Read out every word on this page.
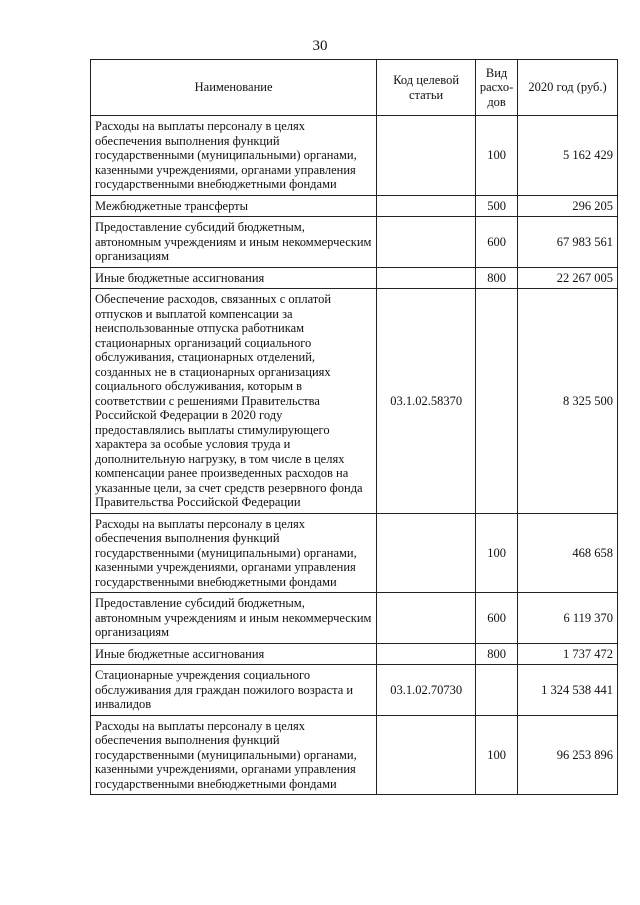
30
Наименование	Код целевой статьи	Вид расхо-дов	2020 год (руб.)
Расходы на выплаты персоналу в целях обеспечения выполнения функций государственными (муниципальными) органами, казенными учреждениями, органами управления государственными внебюджетными фондами		100	5 162 429
Межбюджетные трансферты		500	296 205
Предоставление субсидий бюджетным, автономным учреждениям и иным некоммерческим организациям		600	67 983 561
Иные бюджетные ассигнования		800	22 267 005
Обеспечение расходов, связанных с оплатой отпусков и выплатой компенсации за неиспользованные отпуска работникам стационарных организаций социального обслуживания, стационарных отделений, созданных не в стационарных организациях социального обслуживания, которым в соответствии с решениями Правительства Российской Федерации в 2020 году предоставлялись выплаты стимулирующего характера за особые условия труда и дополнительную нагрузку, в том числе в целях компенсации ранее произведенных расходов на указанные цели, за счет средств резервного фонда Правительства Российской Федерации	03.1.02.58370		8 325 500
Расходы на выплаты персоналу в целях обеспечения выполнения функций государственными (муниципальными) органами, казенными учреждениями, органами управления государственными внебюджетными фондами		100	468 658
Предоставление субсидий бюджетным, автономным учреждениям и иным некоммерческим организациям		600	6 119 370
Иные бюджетные ассигнования		800	1 737 472
Стационарные учреждения социального обслуживания для граждан пожилого возраста и инвалидов	03.1.02.70730		1 324 538 441
Расходы на выплаты персоналу в целях обеспечения выполнения функций государственными (муниципальными) органами, казенными учреждениями, органами управления государственными внебюджетными фондами		100	96 253 896
